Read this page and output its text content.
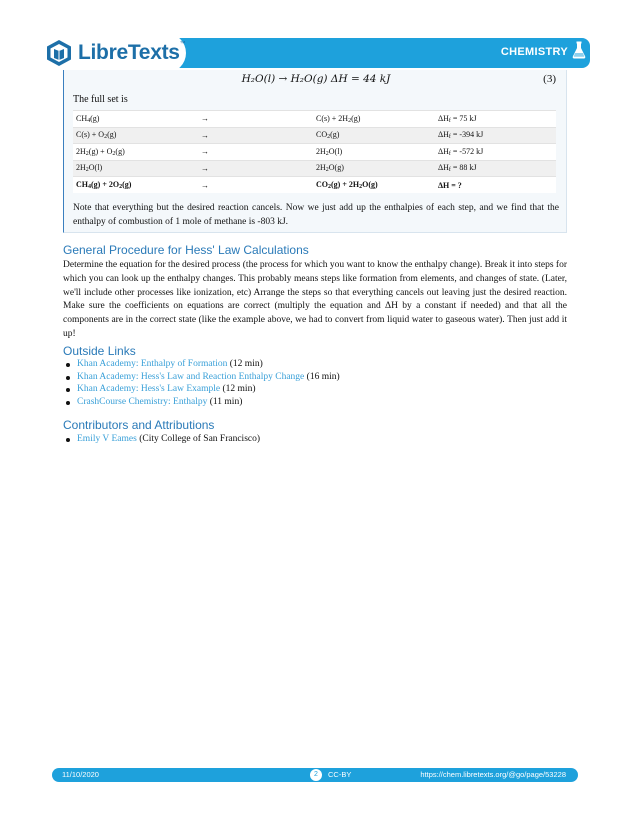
LibreTexts™
CHEMISTRY
H₂O(l) → H₂O(g) ΔH = 44 kJ	(3)
The full set is
$CH_4(g)$	→	$C(s) + 2H_2(g)$	$\Delta H_f = 75$ kJ
$C(s) + O_2(g)$	→	$CO_2(g)$	$\Delta H_f = -394$ kJ
$2H_2(g) + O_2(g)$	→	$2H_2O(l)$	$\Delta H_f = -572$ kJ
$2H_2O(l)$	→	$2H_2O(g)$	$\Delta H_f = 88$ kJ
$CH_4(g) + 2O_2(g)$	→	$CO_2(g) + 2H_2O(g)$	ΔH = ?
Note that everything but the desired reaction cancels. Now we just add up the enthalpies of each step, and we find that the enthalpy of combustion of 1 mole of methane is -803 kJ.
General Procedure for Hess' Law Calculations
Determine the equation for the desired process (the process for which you want to know the enthalpy change). Break it into steps for which you can look up the enthalpy changes. This probably means steps like formation from elements, and changes of state. (Later, we'll include other processes like ionization, etc) Arrange the steps so that everything cancels out leaving just the desired reaction. Make sure the coefficients on equations are correct (multiply the equation and ΔH by a constant if needed) and that all the components are in the correct state (like the example above, we had to convert from liquid water to gaseous water). Then just add it up!
Outside Links
Khan Academy: Enthalpy of Formation (12 min)
Khan Academy: Hess's Law and Reaction Enthalpy Change (16 min)
Khan Academy: Hess's Law Example (12 min)
CrashCourse Chemistry: Enthalpy (11 min)
Contributors and Attributions
Emily V Eames (City College of San Francisco)
11/10/2020	2	CC-BY	https://chem.libretexts.org/@go/page/53228
